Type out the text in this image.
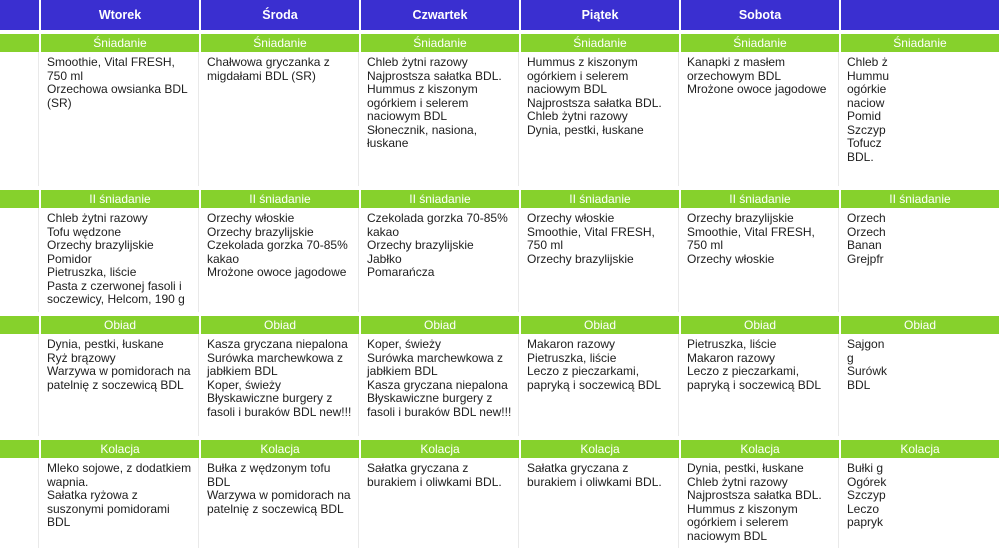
Wtorek
Śniadanie
Smoothie, Vital FRESH, 750 ml
Orzechowa owsianka BDL (SR)
II śniadanie
Chleb żytni razowy
Tofu wędzone
Orzechy brazylijskie
Pomidor
Pietruszka, liście
Pasta z czerwonej fasoli i soczewicy, Helcom, 190 g
Obiad
Dynia, pestki, łuskane
Ryż brązowy
Warzywa w pomidorach na patelnię z soczewicą BDL
Kolacja
Mleko sojowe, z dodatkiem wapnia.
Sałatka ryżowa z suszonymi pomidorami BDL
Środa
Śniadanie
Chałwowa gryczanka z migdałami BDL (SR)
II śniadanie
Orzechy włoskie
Orzechy brazylijskie
Czekolada gorzka 70-85% kakao
Mrożone owoce jagodowe
Obiad
Kasza gryczana niepalona
Surówka marchewkowa z jabłkiem BDL
Koper, świeży
Błyskawiczne burgery z fasoli i buraków BDL new!!!
Kolacja
Bułka z wędzonym tofu BDL
Warzywa w pomidorach na patelnię z soczewicą BDL
Czwartek
Śniadanie
Chleb żytni razowy
Najprostsza sałatka BDL.
Hummus z kiszonym ogórkiem i selerem naciowym BDL
Słonecznik, nasiona, łuskane
II śniadanie
Czekolada gorzka 70-85% kakao
Orzechy brazylijskie
Jabłko
Pomarańcza
Obiad
Koper, świeży
Surówka marchewkowa z jabłkiem BDL
Kasza gryczana niepalona
Błyskawiczne burgery z fasoli i buraków BDL new!!!
Kolacja
Sałatka gryczana z burakiem i oliwkami BDL.
Piątek
Śniadanie
Hummus z kiszonym ogórkiem i selerem naciowym BDL
Najprostsza sałatka BDL.
Chleb żytni razowy
Dynia, pestki, łuskane
II śniadanie
Orzechy włoskie
Smoothie, Vital FRESH, 750 ml
Orzechy brazylijskie
Obiad
Makaron razowy
Pietruszka, liście
Leczo z pieczarkami, papryką i soczewicą BDL
Kolacja
Sałatka gryczana z burakiem i oliwkami BDL.
Sobota
Śniadanie
Kanapki z masłem orzechowym BDL
Mrożone owoce jagodowe
II śniadanie
Orzechy brazylijskie
Smoothie, Vital FRESH, 750 ml
Orzechy włoskie
Obiad
Pietruszka, liście
Makaron razowy
Leczo z pieczarkami, papryką i soczewicą BDL
Kolacja
Dynia, pestki, łuskane
Chleb żytni razowy
Najprostsza sałatka BDL.
Hummus z kiszonym ogórkiem i selerem naciowym BDL
Śniadanie
Chleb ż
Hummu
ogórkie
naciow
Pomid
Szczyp
Tofucz
BDL.
II śniadanie
Orzech
Orzech
Banan
Grejpfr
Obiad
Sajgon
g
Surówk
BDL
Kolacja
Bułki g
Ogórek
Szczyp
Leczo
papryk
